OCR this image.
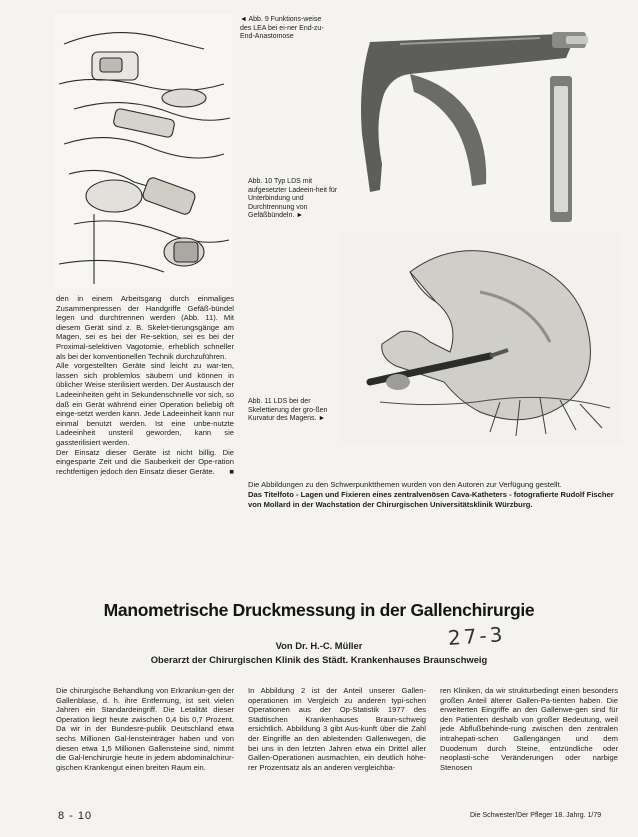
◄ Abb. 9 Funktions-weise des LEA bei ei-ner End-zu-End-Anastomose
Abb. 10 Typ LDS mit aufgesetzter Ladeein-heit für Unterbindung und Durchtrennung von Gefäßbündeln. ►
Abb. 11 LDS bei der Skelettierung der gro-ßen Kurvatur des Magens. ►

den in einem Arbeitsgang durch einmaliges Zusammenpressen der Handgriffe Gefäß-bündel legen und durchtrennen werden (Abb. 11). Mit diesem Gerät sind z. B. Skelet-tierungsgänge am Magen, sei es bei der Re-sektion, sei es bei der Proximal-selektiven Vagotomie, erheblich schneller als bei der konventionellen Technik durchzuführen.

Alle vorgestellten Geräte sind leicht zu war-ten, lassen sich problemlos säubern und können in üblicher Weise sterilisiert werden. Der Austausch der Ladeeinheiten geht in Sekundenschnelle vor sich, so daß ein Gerät während einer Operation beliebig oft einge-setzt werden kann. Jede Ladeeinheit kann nur einmal benutzt werden. Ist eine unbe-nutzte Ladeeinheit unsteril geworden, kann sie gassterilisiert werden.

Der Einsatz dieser Geräte ist nicht billig. Die eingesparte Zeit und die Sauberkeit der Ope-ration rechtfertigen jedoch den Einsatz dieser Geräte. ■

Die Abbildungen zu den Schwerpunktthemen wurden von den Autoren zur Verfügung gestellt.
Das Titelfoto - Lagen und Fixieren eines zentralvenösen Cava-Katheters - fotografierte Rudolf Fischer von Mollard in der Wachstation der Chirurgischen Universitätsklinik Würzburg.
Manometrische Druckmessung in der Gallenchirurgie
27-3
Von Dr. H.-C. Müller
Oberarzt der Chirurgischen Klinik des Städt. Krankenhauses Braunschweig
Die chirurgische Behandlung von Erkrankun-gen der Gallenblase, d. h. ihre Entfernung, ist seit vielen Jahren ein Standardeingriff. Die Letalität dieser Operation liegt heute zwischen 0,4 bis 0,7 Prozent. Da wir in der Bundesre-publik Deutschland etwa sechs Millionen Gal-lensteinträger haben und von diesen etwa 1,5 Millionen Gallensteine sind, nimmt die Gal-lenchirurgie heute in jedem abdominalchirur-gischen Krankengut einen breiten Raum ein.
In Abbildung 2 ist der Anteil unserer Gallen-operationen im Vergleich zu anderen typi-schen Operationen aus der Op-Statistik 1977 des Städtischen Krankenhauses Braun-schweig ersichtlich. Abbildung 3 gibt Aus-kunft über die Zahl der Eingriffe an den ableitenden Gallenwegen, die bei uns in den letzten Jahren etwa ein Drittel aller Gallen-Operationen ausmachten, ein deutlich höhe-rer Prozentsatz als an anderen vergleichba-
ren Kliniken, da wir strukturbedingt einen besonders großen Anteil älterer Gallen-Pa-tienten haben. Die erweiterten Eingriffe an den Gallenwe-gen sind für den Patienten deshalb von großer Bedeutung, weil jede Abflußbehinde-rung zwischen den zentralen intrahepati-schen Gallengängen und dem Duodenum durch Steine, entzündliche oder neoplasti-sche Veränderungen oder narbige Stenosen
8 - 10	Die Schwester/Der Pfleger 18. Jahrg. 1/79
